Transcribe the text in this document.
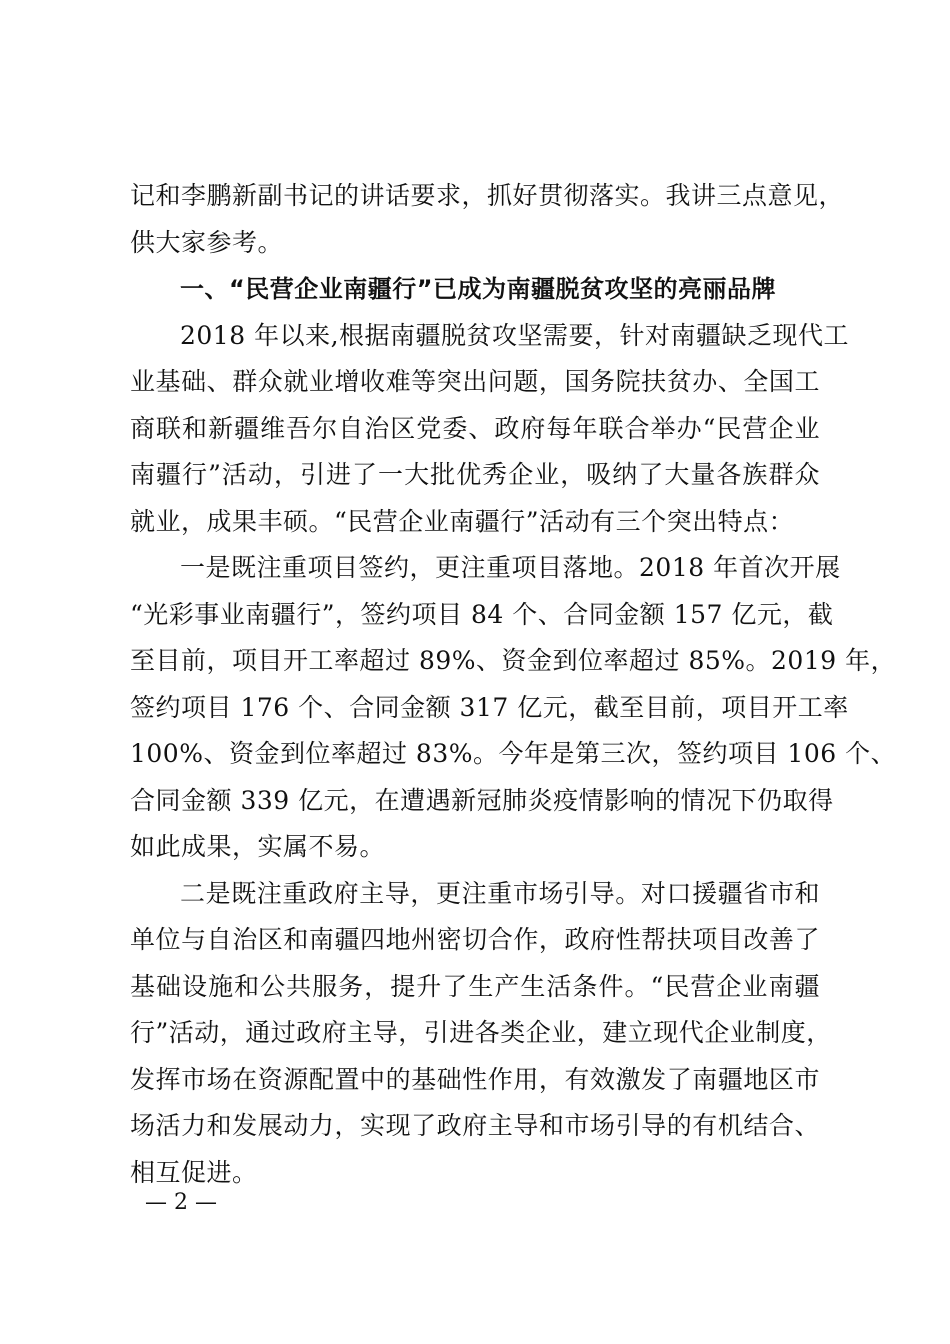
记和李鹏新副书记的讲话要求，抓好贯彻落实。我讲三点意见，
供大家参考。
一、“民营企业南疆行”已成为南疆脱贫攻坚的亮丽品牌
2018 年以来,根据南疆脱贫攻坚需要，针对南疆缺乏现代工
业基础、群众就业增收难等突出问题，国务院扶贫办、全国工
商联和新疆维吾尔自治区党委、政府每年联合举办“民营企业
南疆行”活动，引进了一大批优秀企业，吸纳了大量各族群众
就业，成果丰硕。“民营企业南疆行”活动有三个突出特点：
一是既注重项目签约，更注重项目落地。2018 年首次开展
“光彩事业南疆行”，签约项目 84 个、合同金额 157 亿元，截
至目前，项目开工率超过 89%、资金到位率超过 85%。2019 年，
签约项目 176 个、合同金额 317 亿元，截至目前，项目开工率
100%、资金到位率超过 83%。今年是第三次，签约项目 106 个、
合同金额 339 亿元，在遭遇新冠肺炎疫情影响的情况下仍取得
如此成果，实属不易。
二是既注重政府主导，更注重市场引导。对口援疆省市和
单位与自治区和南疆四地州密切合作，政府性帮扶项目改善了
基础设施和公共服务，提升了生产生活条件。“民营企业南疆
行”活动，通过政府主导，引进各类企业，建立现代企业制度，
发挥市场在资源配置中的基础性作用，有效激发了南疆地区市
场活力和发展动力，实现了政府主导和市场引导的有机结合、
相互促进。
— 2 —
